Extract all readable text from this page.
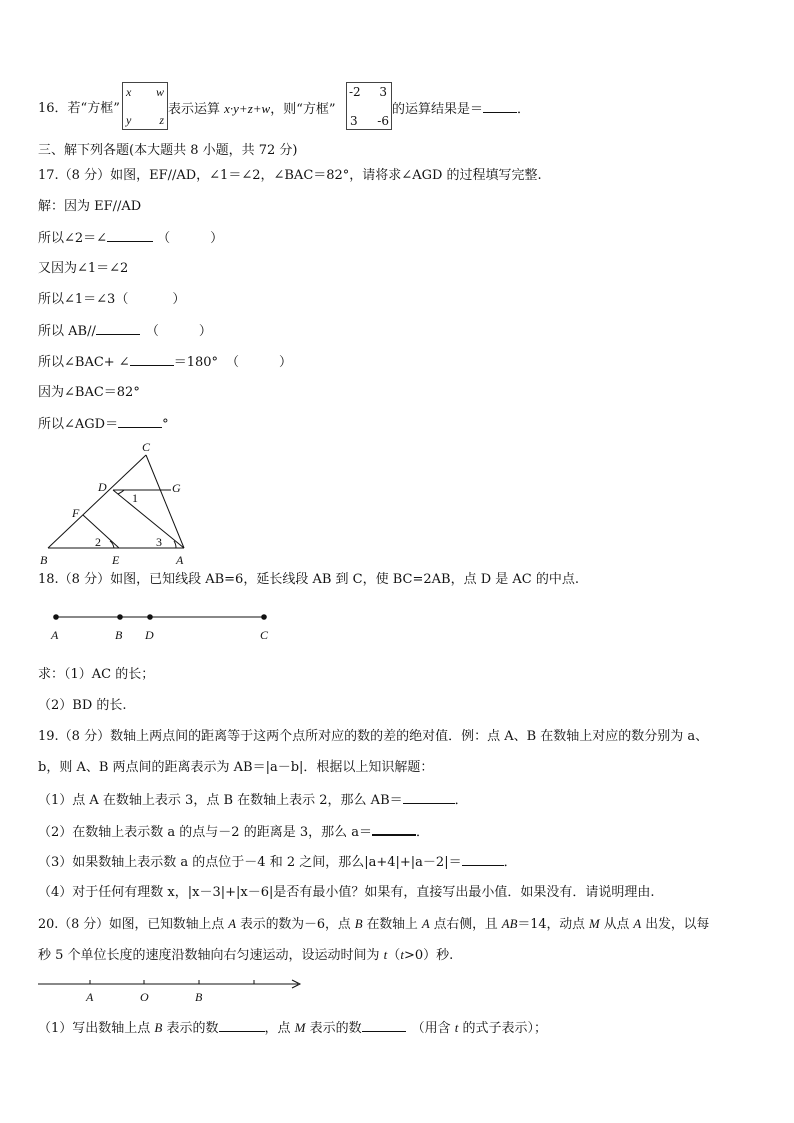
16．若“方框”
x w
y z
表示运算 x·y+z+w，则“方框”
-2 3
3 -6
的运算结果是＝	．
三、解下列各题(本大题共 8 小题，共 72 分)
17.（8 分）如图，EF//AD，∠1＝∠2，∠BAC＝82°，请将求∠AGD 的过程填写完整.
解：因为 EF//AD
所以∠2＝∠	（	）
又因为∠1＝∠2
所以∠1＝∠3（	）
所以 AB//	（	）
所以∠BAC+ ∠	＝180° （	）
因为∠BAC＝82°
所以∠AGD＝	°
C
D	G
F
B	E	A
1
2	3
18.（8 分）如图，已知线段 AB=6，延长线段 AB 到 C，使 BC=2AB，点 D 是 AC 的中点.
A	B D	C
求：（1）AC 的长；
（2）BD 的长.
19.（8 分）数轴上两点间的距离等于这两个点所对应的数的差的绝对值．例：点 A、B 在数轴上对应的数分别为 a、
b，则 A、B 两点间的距离表示为 AB＝|a－b|．根据以上知识解题：
（1）点 A 在数轴上表示 3，点 B 在数轴上表示 2，那么 AB＝	．
（2）在数轴上表示数 a 的点与－2 的距离是 3，那么 a＝	．
（3）如果数轴上表示数 a 的点位于－4 和 2 之间，那么|a+4|+|a－2|＝	．
（4）对于任何有理数 x，|x－3|+|x－6|是否有最小值？如果有，直接写出最小值．如果没有．请说明理由.
20.（8 分）如图，已知数轴上点 A 表示的数为－6，点 B 在数轴上 A 点右侧，且 AB＝14，动点 M 从点 A 出发，以每
秒 5 个单位长度的速度沿数轴向右匀速运动，设运动时间为 t（t>0）秒.
A	O	B
（1）写出数轴上点 B 表示的数	，点 M 表示的数	（用含 t 的式子表示）；
